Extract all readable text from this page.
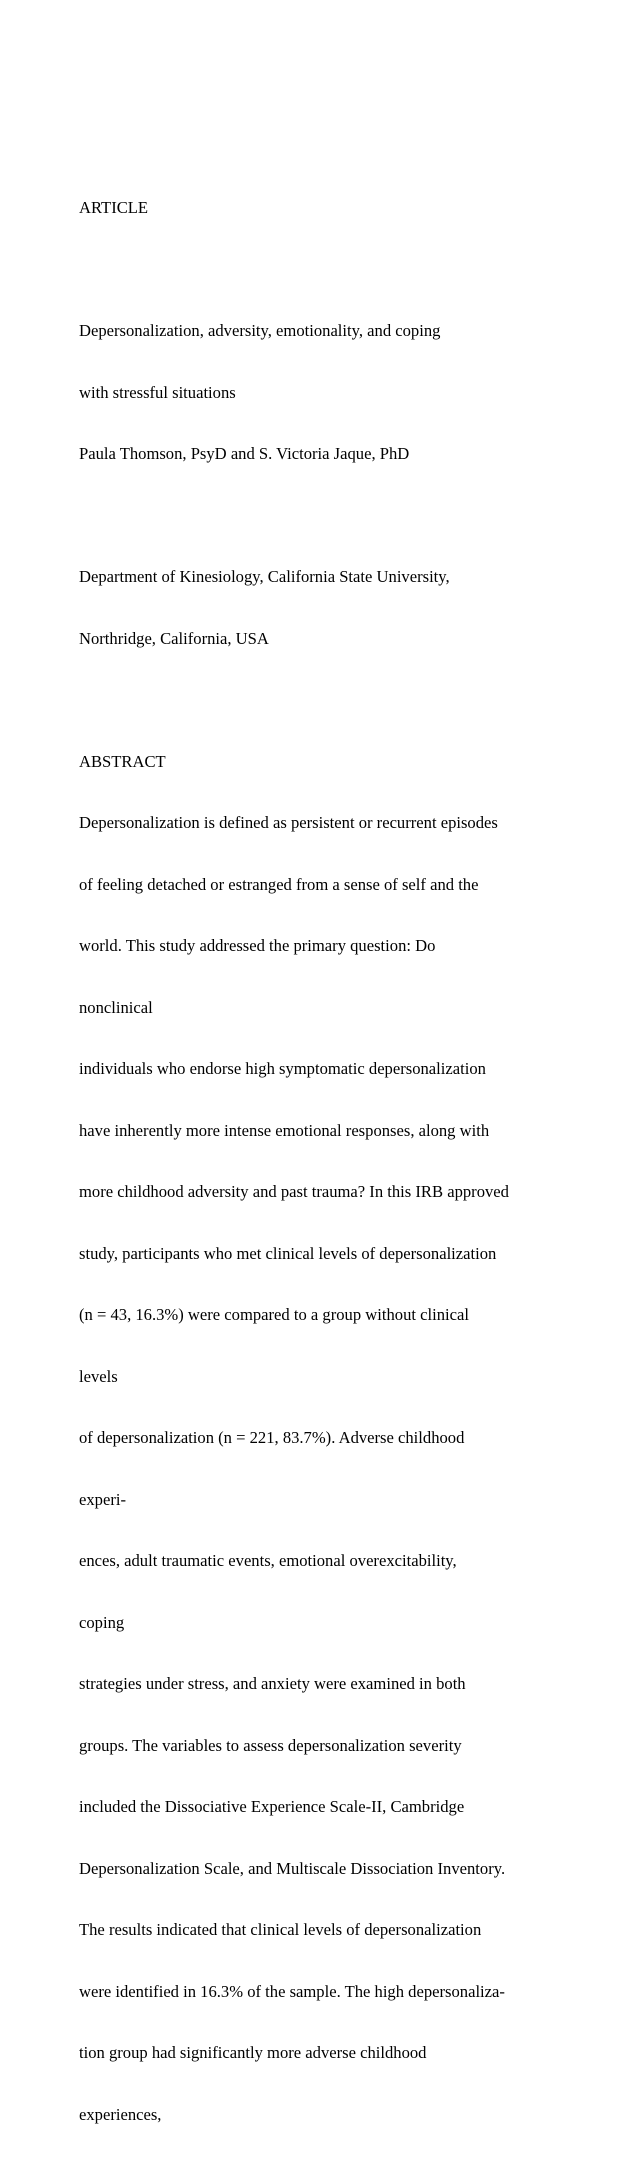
ARTICLE

Depersonalization, adversity, emotionality, and coping

with stressful situations

Paula Thomson, PsyD and S. Victoria Jaque, PhD

Department of Kinesiology, California State University,

Northridge, California, USA

ABSTRACT

Depersonalization is defined as persistent or recurrent episodes

of feeling detached or estranged from a sense of self and the

world. This study addressed the primary question: Do

nonclinical

individuals who endorse high symptomatic depersonalization

have inherently more intense emotional responses, along with

more childhood adversity and past trauma? In this IRB approved

study, participants who met clinical levels of depersonalization

(n = 43, 16.3%) were compared to a group without clinical

levels

of depersonalization (n = 221, 83.7%). Adverse childhood

experi-

ences, adult traumatic events, emotional overexcitability,

coping

strategies under stress, and anxiety were examined in both

groups. The variables to assess depersonalization severity

included the Dissociative Experience Scale-II, Cambridge

Depersonalization Scale, and Multiscale Dissociation Inventory.

The results indicated that clinical levels of depersonalization

were identified in 16.3% of the sample. The high depersonaliza-

tion group had significantly more adverse childhood

experiences,
